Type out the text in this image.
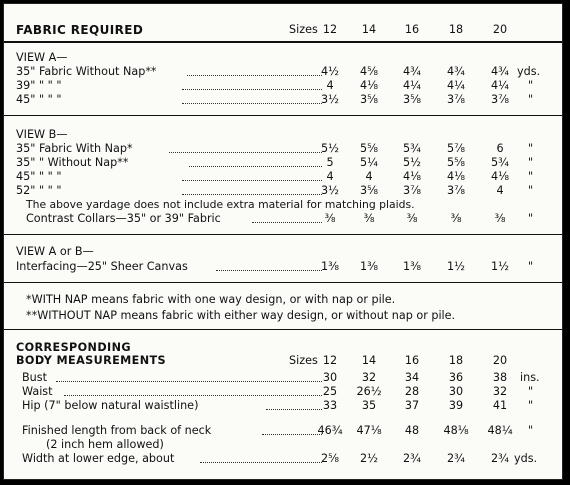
FABRIC REQUIRED	Sizes 12	14	16	18	20
VIEW A—
35" Fabric Without Nap**	4½	4⅝	4¾	4¾	4¾ yds.
39" " " "	4	4⅛	4¼	4¼	4¼	"
45" " " "	3½	3⅝	3⅝	3⅞	3⅞	"
VIEW B—
35" Fabric With Nap*	5½	5⅝	5¾	5⅞	6	"
35" " Without Nap**	5	5¼	5½	5⅝	5¾	"
45" " " "	4	4	4⅛	4⅛	4⅛	"
52" " " "	3½	3⅝	3⅞	3⅞	4	"
The above yardage does not include extra material for matching plaids.
Contrast Collars—35" or 39" Fabric	⅜	⅜	⅜	⅜	⅜	"
VIEW A or B—
Interfacing—25" Sheer Canvas	1⅜	1⅜	1⅜	1½	1½	"
*WITH NAP means fabric with one way design, or with nap or pile.
**WITHOUT NAP means fabric with either way design, or without nap or pile.
CORRESPONDING
BODY MEASUREMENTS	Sizes 12	14	16	18	20
Bust	30	32	34	36	38	ins.
Waist	25	26½	28	30	32	"
Hip (7" below natural waistline)	33	35	37	39	41	"
Finished length from back of neck	46¾	47⅛	48	48⅛	48¼	"
(2 inch hem allowed)
Width at lower edge, about	2⅝	2½	2¾	2¾	2¾ yds.
